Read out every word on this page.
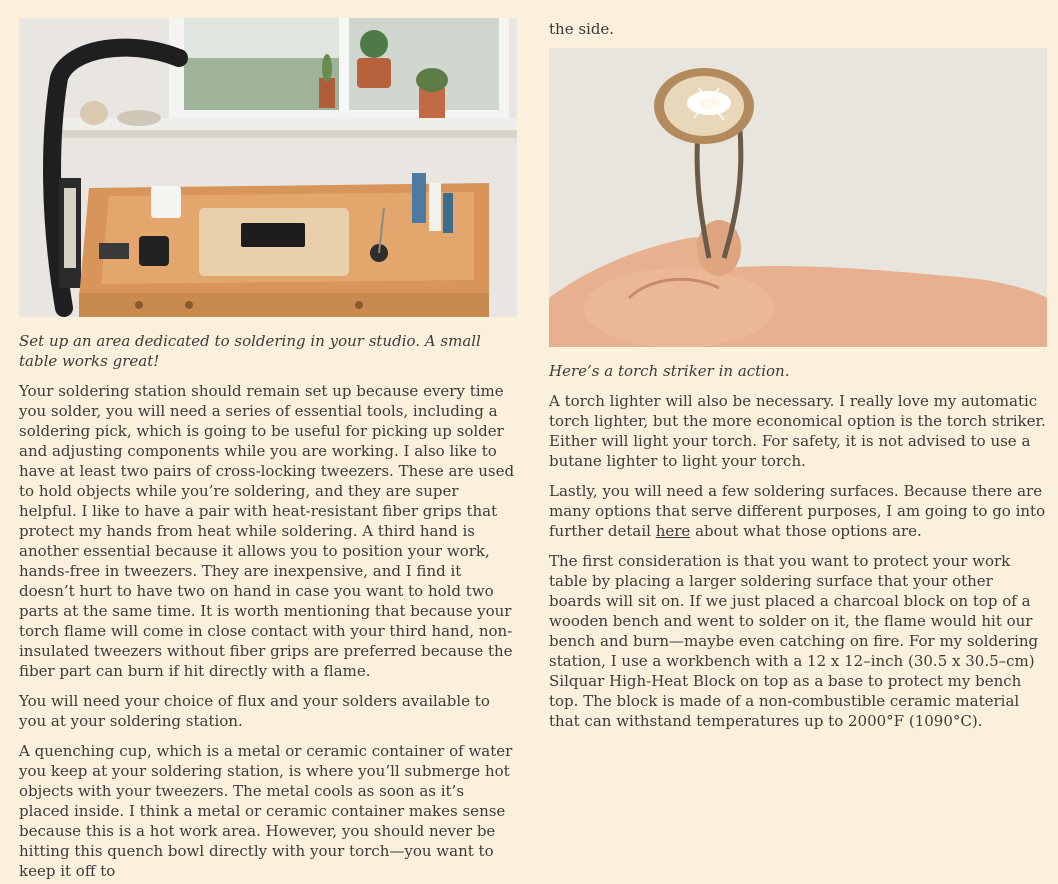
Set up an area dedicated to soldering in your studio. A small table works great!

Your soldering station should remain set up because every time you solder, you will need a series of essential tools, including a soldering pick, which is going to be useful for picking up solder and adjusting components while you are working. I also like to have at least two pairs of cross-locking tweezers. These are used to hold objects while you’re soldering, and they are super helpful. I like to have a pair with heat-resistant fiber grips that protect my hands from heat while soldering. A third hand is another essential because it allows you to position your work, hands-free in tweezers. They are inexpensive, and I find it doesn’t hurt to have two on hand in case you want to hold two parts at the same time. It is worth mentioning that because your torch flame will come in close contact with your third hand, non-insulated tweezers without fiber grips are preferred because the fiber part can burn if hit directly with a flame.

You will need your choice of flux and your solders available to you at your soldering station.

A quenching cup, which is a metal or ceramic container of water you keep at your soldering station, is where you’ll submerge hot objects with your tweezers. The metal cools as soon as it’s placed inside. I think a metal or ceramic container makes sense because this is a hot work area. However, you should never be hitting this quench bowl directly with your torch—you want to keep it off to

the side.

Here’s a torch striker in action.

A torch lighter will also be necessary. I really love my automatic torch lighter, but the more economical option is the torch striker. Either will light your torch. For safety, it is not advised to use a butane lighter to light your torch.

Lastly, you will need a few soldering surfaces. Because there are many options that serve different purposes, I am going to go into further detail here about what those options are.

The first consideration is that you want to protect your work table by placing a larger soldering surface that your other boards will sit on. If we just placed a charcoal block on top of a wooden bench and went to solder on it, the flame would hit our bench and burn—maybe even catching on fire. For my soldering station, I use a workbench with a 12 x 12–inch (30.5 x 30.5–cm) Silquar High-Heat Block on top as a base to protect my bench top. The block is made of a non-combustible ceramic material that can withstand temperatures up to 2000°F (1090°C).
